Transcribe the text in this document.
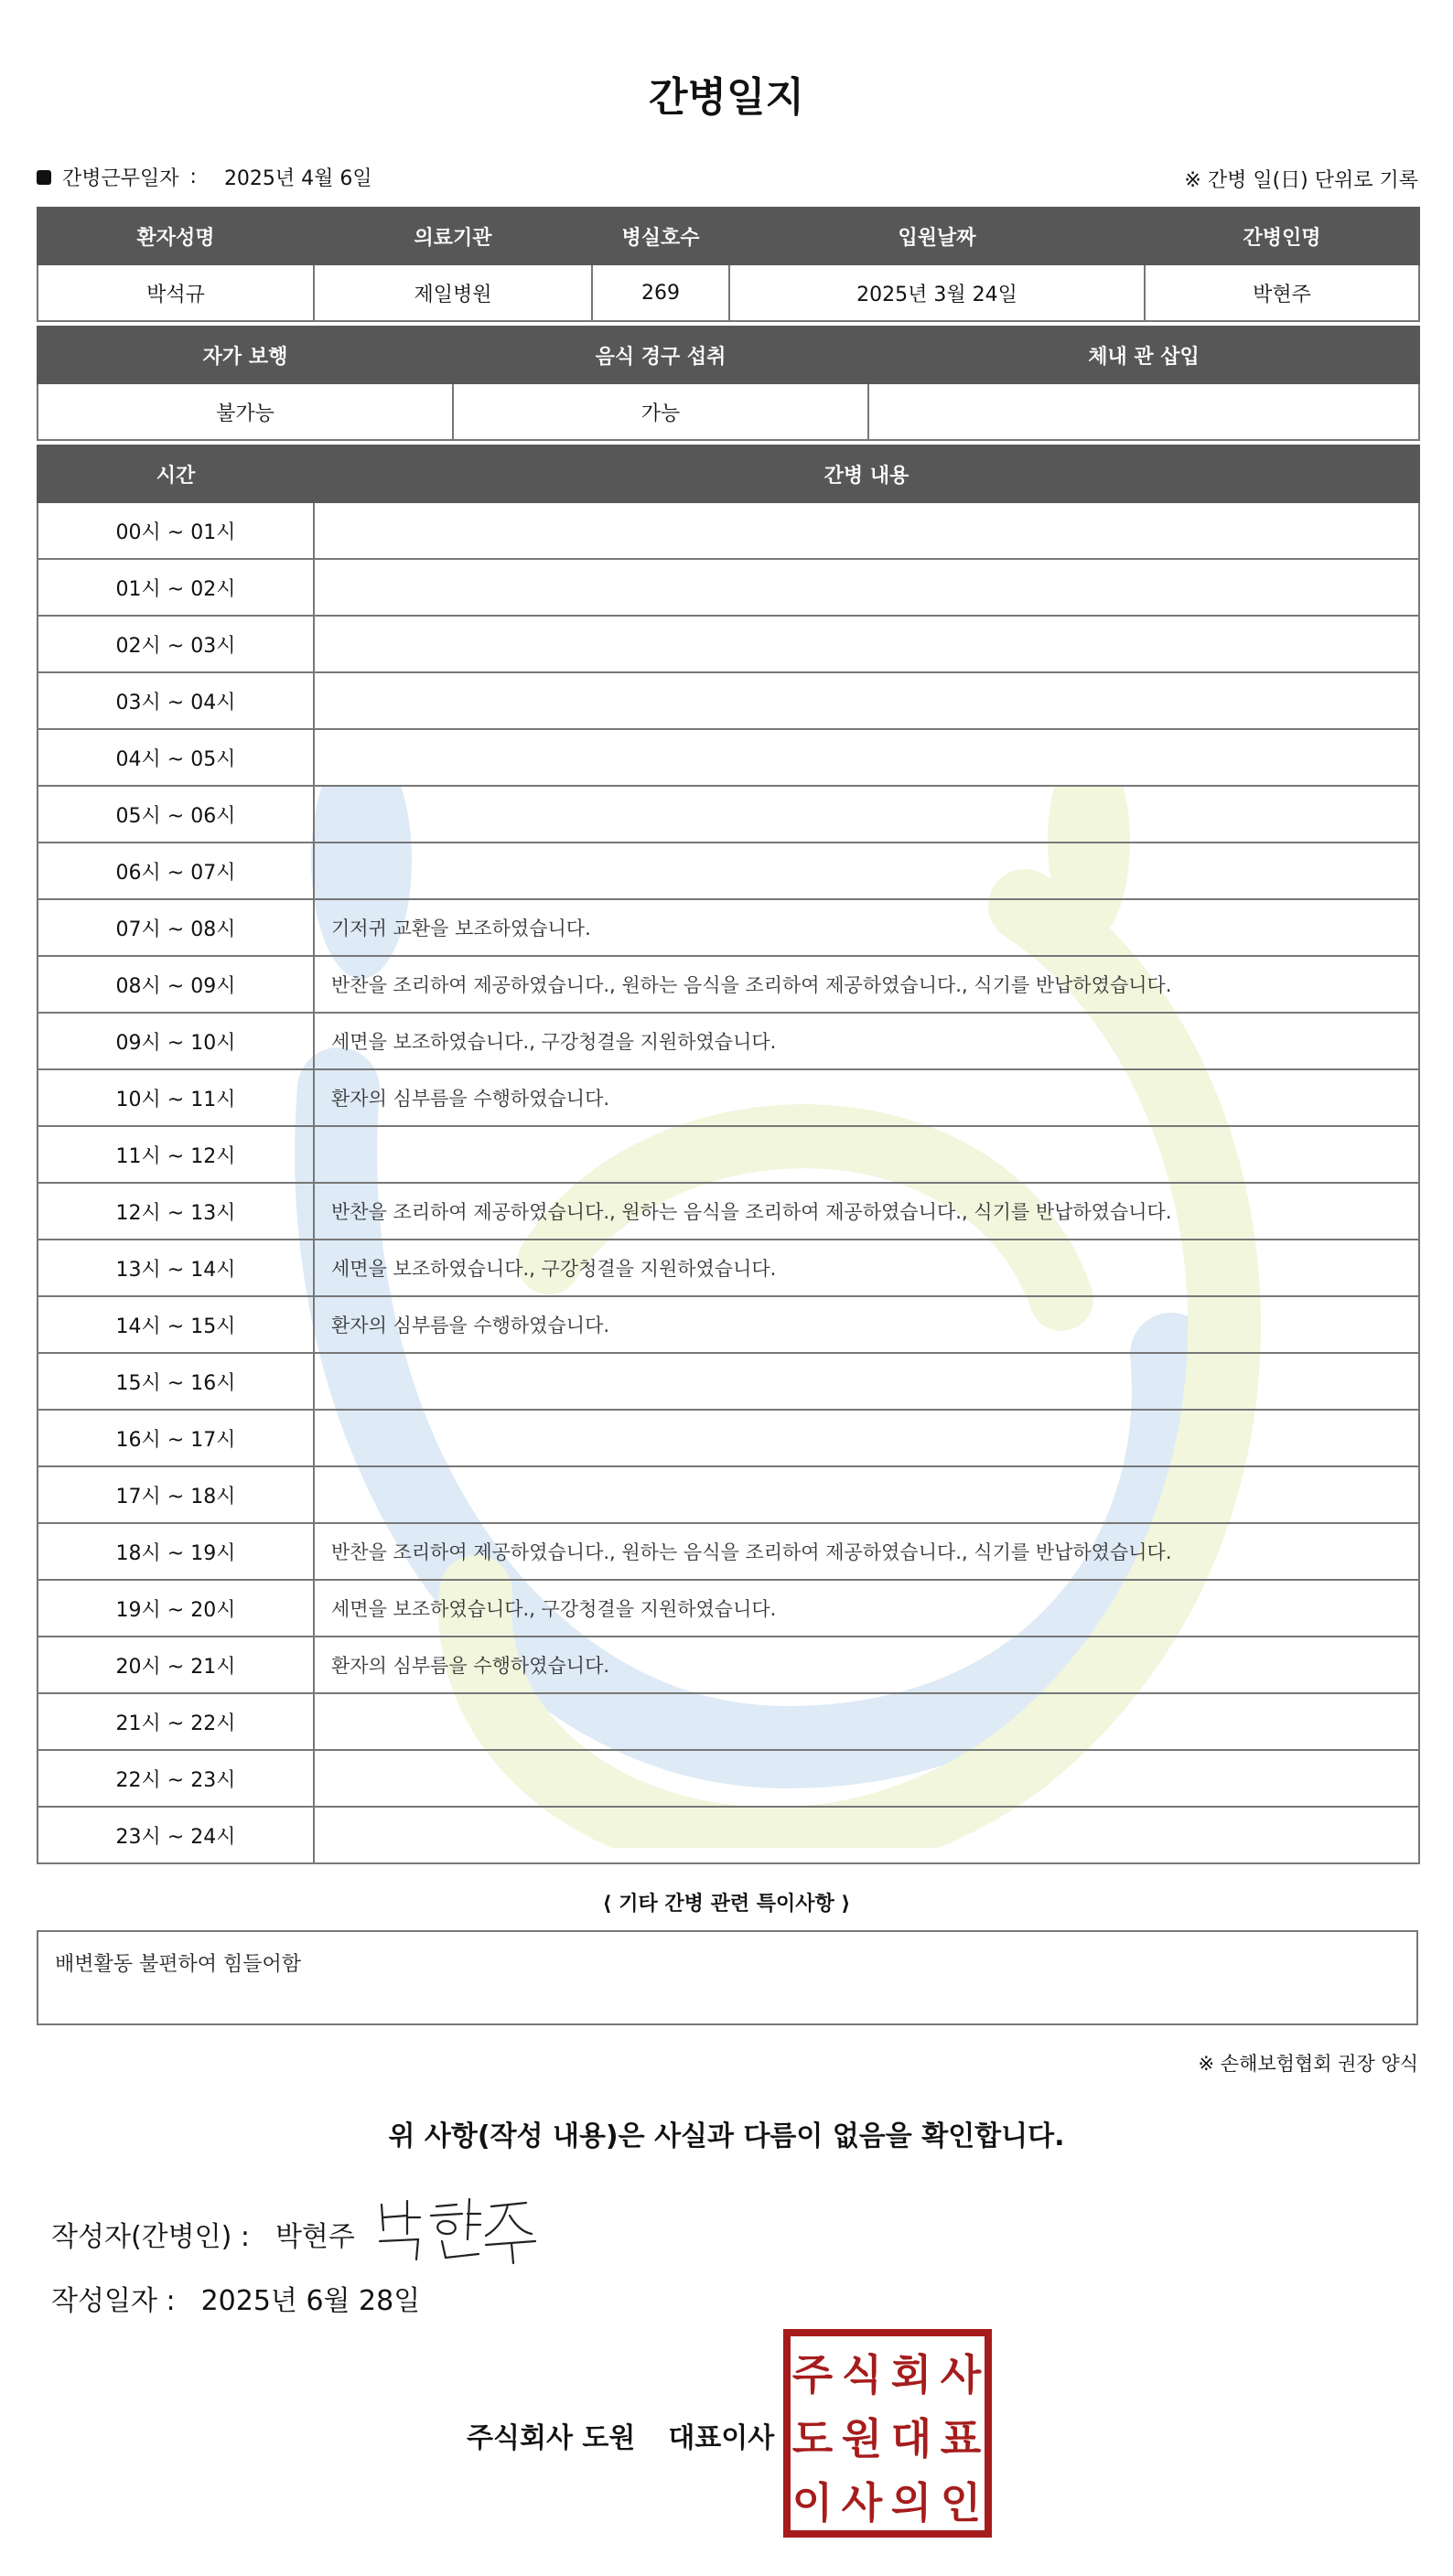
간병일지
간병근무일자 : 2025년 4월 6일	※ 간병 일(日) 단위로 기록
환자성명	의료기관	병실호수	입원날짜	간병인명
박석규	제일병원	269	2025년 3월 24일	박현주
자가 보행	음식 경구 섭취	체내 관 삽입
불가능	가능	
시간	간병 내용
00시 ~ 01시	
01시 ~ 02시	
02시 ~ 03시	
03시 ~ 04시	
04시 ~ 05시	
05시 ~ 06시	
06시 ~ 07시	
07시 ~ 08시	기저귀 교환을 보조하였습니다.
08시 ~ 09시	반찬을 조리하여 제공하였습니다., 원하는 음식을 조리하여 제공하였습니다., 식기를 반납하였습니다.
09시 ~ 10시	세면을 보조하였습니다., 구강청결을 지원하였습니다.
10시 ~ 11시	환자의 심부름을 수행하였습니다.
11시 ~ 12시	
12시 ~ 13시	반찬을 조리하여 제공하였습니다., 원하는 음식을 조리하여 제공하였습니다., 식기를 반납하였습니다.
13시 ~ 14시	세면을 보조하였습니다., 구강청결을 지원하였습니다.
14시 ~ 15시	환자의 심부름을 수행하였습니다.
15시 ~ 16시	
16시 ~ 17시	
17시 ~ 18시	
18시 ~ 19시	반찬을 조리하여 제공하였습니다., 원하는 음식을 조리하여 제공하였습니다., 식기를 반납하였습니다.
19시 ~ 20시	세면을 보조하였습니다., 구강청결을 지원하였습니다.
20시 ~ 21시	환자의 심부름을 수행하였습니다.
21시 ~ 22시	
22시 ~ 23시	
23시 ~ 24시	
⟨ 기타 간병 관련 특이사항 ⟩
배변활동 불편하여 힘들어함
※ 손해보험협회 권장 양식
위 사항(작성 내용)은 사실과 다름이 없음을 확인합니다.
작성자(간병인) : 박현주
작성일자 : 2025년 6월 28일
주식회사 도원 대표이사
주 식 회 사
도 원 대 표
이 사 의 인
